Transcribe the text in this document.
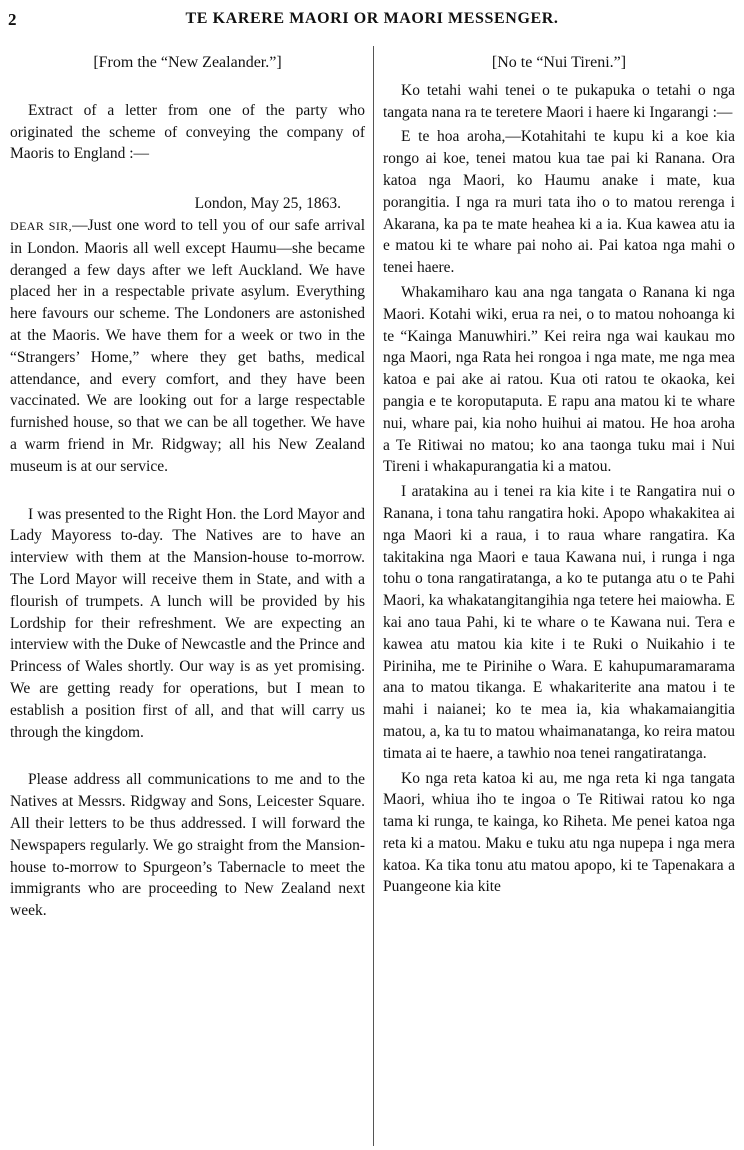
2	TE KARERE MAORI OR MAORI MESSENGER.

[From the “New Zealander.”]

Extract of a letter from one of the party who originated the scheme of conveying the company of Maoris to England :—

London, May 25, 1863.

DEAR SIR,—Just one word to tell you of our safe arrival in London. Maoris all well except Haumu—she became deranged a few days after we left Auckland. We have placed her in a respectable private asylum. Everything here favours our scheme. The Londoners are astonished at the Maoris. We have them for a week or two in the “Strangers’ Home,” where they get baths, medical attendance, and every comfort, and they have been vaccinated. We are looking out for a large respectable furnished house, so that we can be all together. We have a warm friend in Mr. Ridgway; all his New Zealand museum is at our service.

I was presented to the Right Hon. the Lord Mayor and Lady Mayoress to-day. The Natives are to have an interview with them at the Mansion-house to-morrow. The Lord Mayor will receive them in State, and with a flourish of trumpets. A lunch will be provided by his Lordship for their refreshment. We are expecting an interview with the Duke of Newcastle and the Prince and Princess of Wales shortly. Our way is as yet promising. We are getting ready for operations, but I mean to establish a position first of all, and that will carry us through the kingdom.

Please address all communications to me and to the Natives at Messrs. Ridgway and Sons, Leicester Square. All their letters to be thus addressed. I will forward the Newspapers regularly. We go straight from the Mansion-house to-morrow to Spurgeon’s Tabernacle to meet the immigrants who are proceeding to New Zealand next week.

[No te “Nui Tireni.”]

Ko tetahi wahi tenei o te pukapuka o tetahi o nga tangata nana ra te teretere Maori i haere ki Ingarangi :—

E te hoa aroha,—Kotahitahi te kupu ki a koe kia rongo ai koe, tenei matou kua tae pai ki Ranana. Ora katoa nga Maori, ko Haumu anake i mate, kua porangitia. I nga ra muri tata iho o to matou rerenga i Akarana, ka pa te mate heahea ki a ia. Kua kawea atu ia e matou ki te whare pai noho ai. Pai katoa nga mahi o tenei haere.

Whakamiharo kau ana nga tangata o Ranana ki nga Maori. Kotahi wiki, erua ra nei, o to matou nohoanga ki te “Kainga Manuwhiri.” Kei reira nga wai kaukau mo nga Maori, nga Rata hei rongoa i nga mate, me nga mea katoa e pai ake ai ratou. Kua oti ratou te okaoka, kei pangia e te koroputaputa. E rapu ana matou ki te whare nui, whare pai, kia noho huihui ai matou. He hoa aroha a Te Ritiwai no matou; ko ana taonga tuku mai i Nui Tireni i whakapurangatia ki a matou.

I aratakina au i tenei ra kia kite i te Rangatira nui o Ranana, i tona tahu rangatira hoki. Apopo whakakitea ai nga Maori ki a raua, i to raua whare rangatira. Ka takitakina nga Maori e taua Kawana nui, i runga i nga tohu o tona rangatiratanga, a ko te putanga atu o te Pahi Maori, ka whakatangitangihia nga tetere hei maiowha. E kai ano taua Pahi, ki te whare o te Kawana nui. Tera e kawea atu matou kia kite i te Ruki o Nuikahio i te Piriniha, me te Pirinihe o Wara. E kahupumaramarama ana to matou tikanga. E whakariterite ana matou i te mahi i naianei; ko te mea ia, kia whakamaiangitia matou, a, ka tu to matou whaimanatanga, ko reira matou timata ai te haere, a tawhio noa tenei rangatiratanga.

Ko nga reta katoa ki au, me nga reta ki nga tangata Maori, whiua iho te ingoa o Te Ritiwai ratou ko nga tama ki runga, te kainga, ko Riheta. Me penei katoa nga reta ki a matou. Maku e tuku atu nga nupepa i nga mera katoa. Ka tika tonu atu matou apopo, ki te Tapenakara a Puangeone kia kite
